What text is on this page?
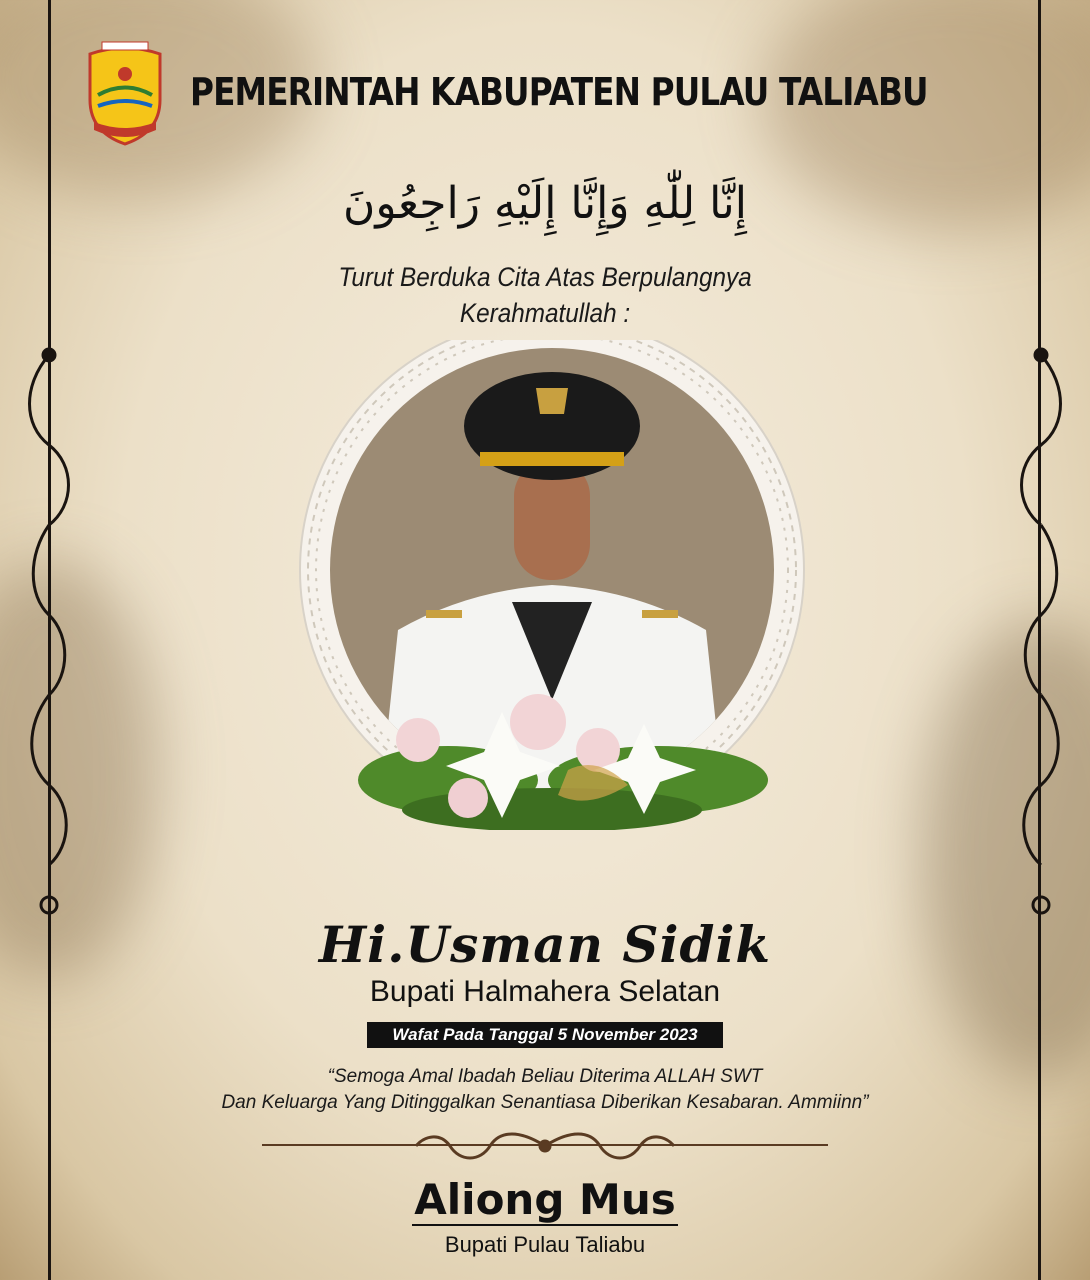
PEMERINTAH KABUPATEN PULAU TALIABU
إِنَّا لِلّٰهِ وَإِنَّا إِلَيْهِ رَاجِعُونَ
Turut Berduka Cita Atas Berpulangnya
Kerahmatullah :
Hi.Usman Sidik
Bupati Halmahera Selatan
Wafat Pada Tanggal 5 November 2023
“Semoga Amal Ibadah Beliau Diterima ALLAH SWT
Dan Keluarga Yang Ditinggalkan Senantiasa Diberikan Kesabaran. Ammiinn”
Aliong Mus
Bupati Pulau Taliabu
